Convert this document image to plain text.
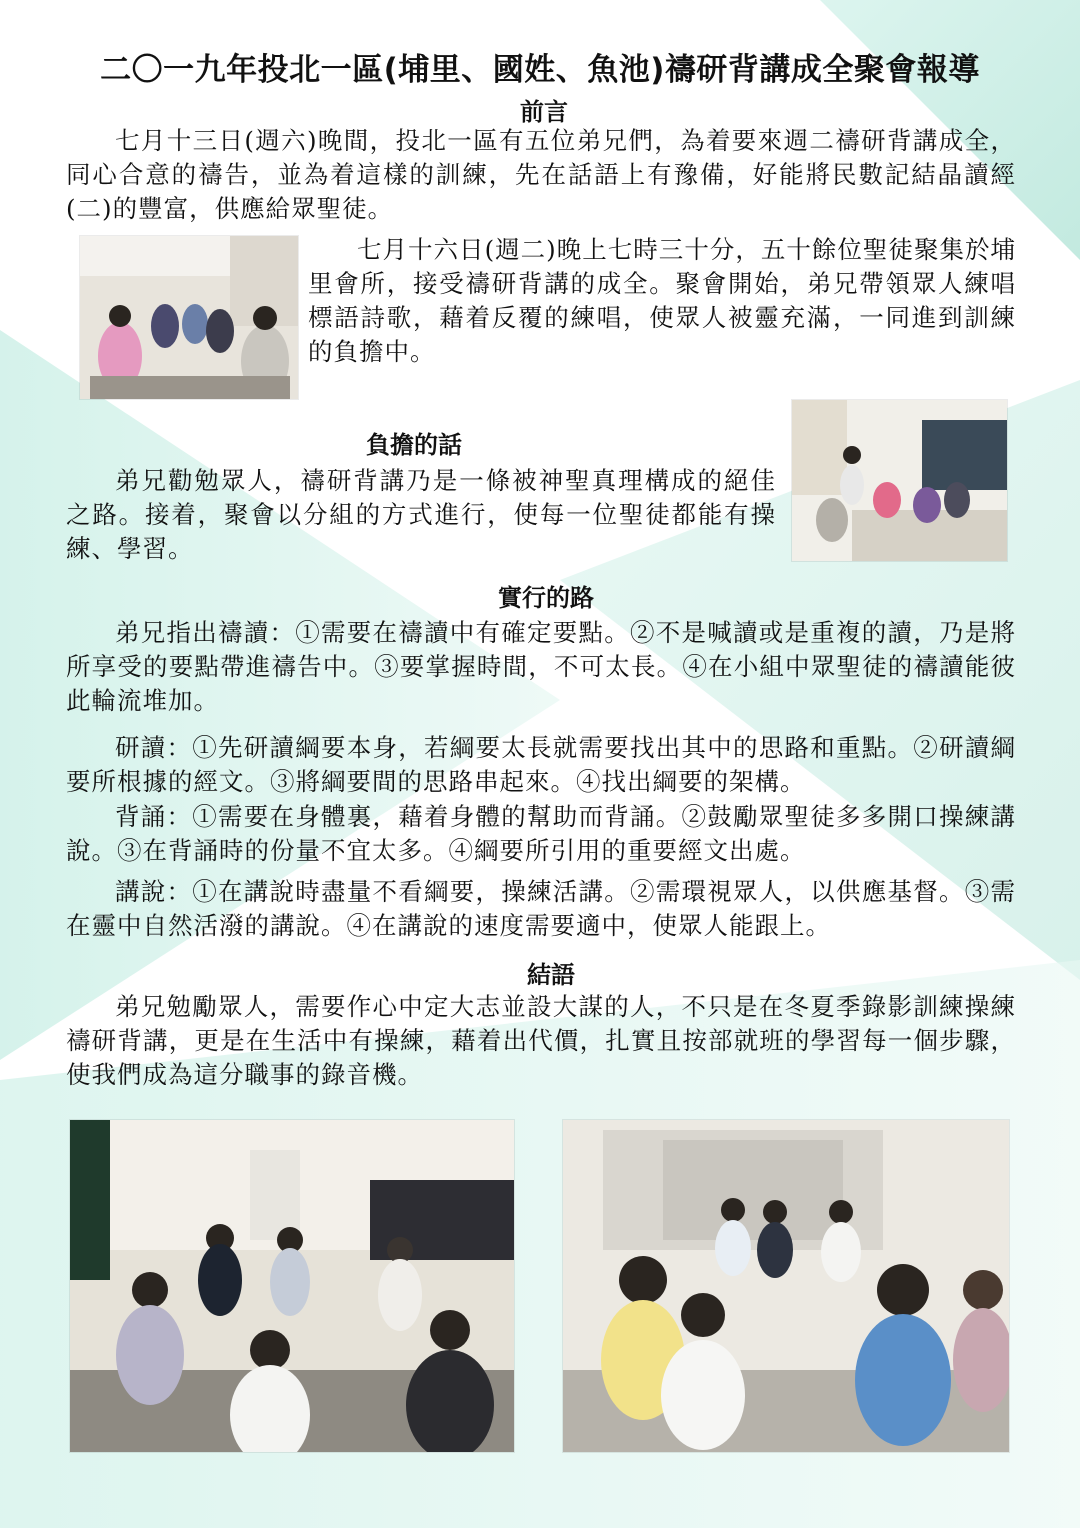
二〇一九年投北一區(埔里、國姓、魚池)禱研背講成全聚會報導
前言

七月十三日(週六)晚間，投北一區有五位弟兄們，為着要來週二禱研背講成全，同心合意的禱告，並為着這樣的訓練，先在話語上有豫備，好能將民數記結晶讀經(二)的豐富，供應給眾聖徒。

七月十六日(週二)晚上七時三十分，五十餘位聖徒聚集於埔里會所，接受禱研背講的成全。聚會開始，弟兄帶領眾人練唱標語詩歌，藉着反覆的練唱，使眾人被靈充滿，一同進到訓練的負擔中。

負擔的話

弟兄勸勉眾人，禱研背講乃是一條被神聖真理構成的絕佳之路。接着，聚會以分組的方式進行，使每一位聖徒都能有操練、學習。

實行的路

弟兄指出禱讀：①需要在禱讀中有確定要點。②不是喊讀或是重複的讀，乃是將所享受的要點帶進禱告中。③要掌握時間，不可太長。④在小組中眾聖徒的禱讀能彼此輪流堆加。

研讀：①先研讀綱要本身，若綱要太長就需要找出其中的思路和重點。②研讀綱要所根據的經文。③將綱要間的思路串起來。④找出綱要的架構。

背誦：①需要在身體裏，藉着身體的幫助而背誦。②鼓勵眾聖徒多多開口操練講說。③在背誦時的份量不宜太多。④綱要所引用的重要經文出處。

講說：①在講說時盡量不看綱要，操練活講。②需環視眾人，以供應基督。③需在靈中自然活潑的講說。④在講說的速度需要適中，使眾人能跟上。

結語

弟兄勉勵眾人，需要作心中定大志並設大謀的人，不只是在冬夏季錄影訓練操練禱研背講，更是在生活中有操練，藉着出代價，扎實且按部就班的學習每一個步驟，使我們成為這分職事的錄音機。
